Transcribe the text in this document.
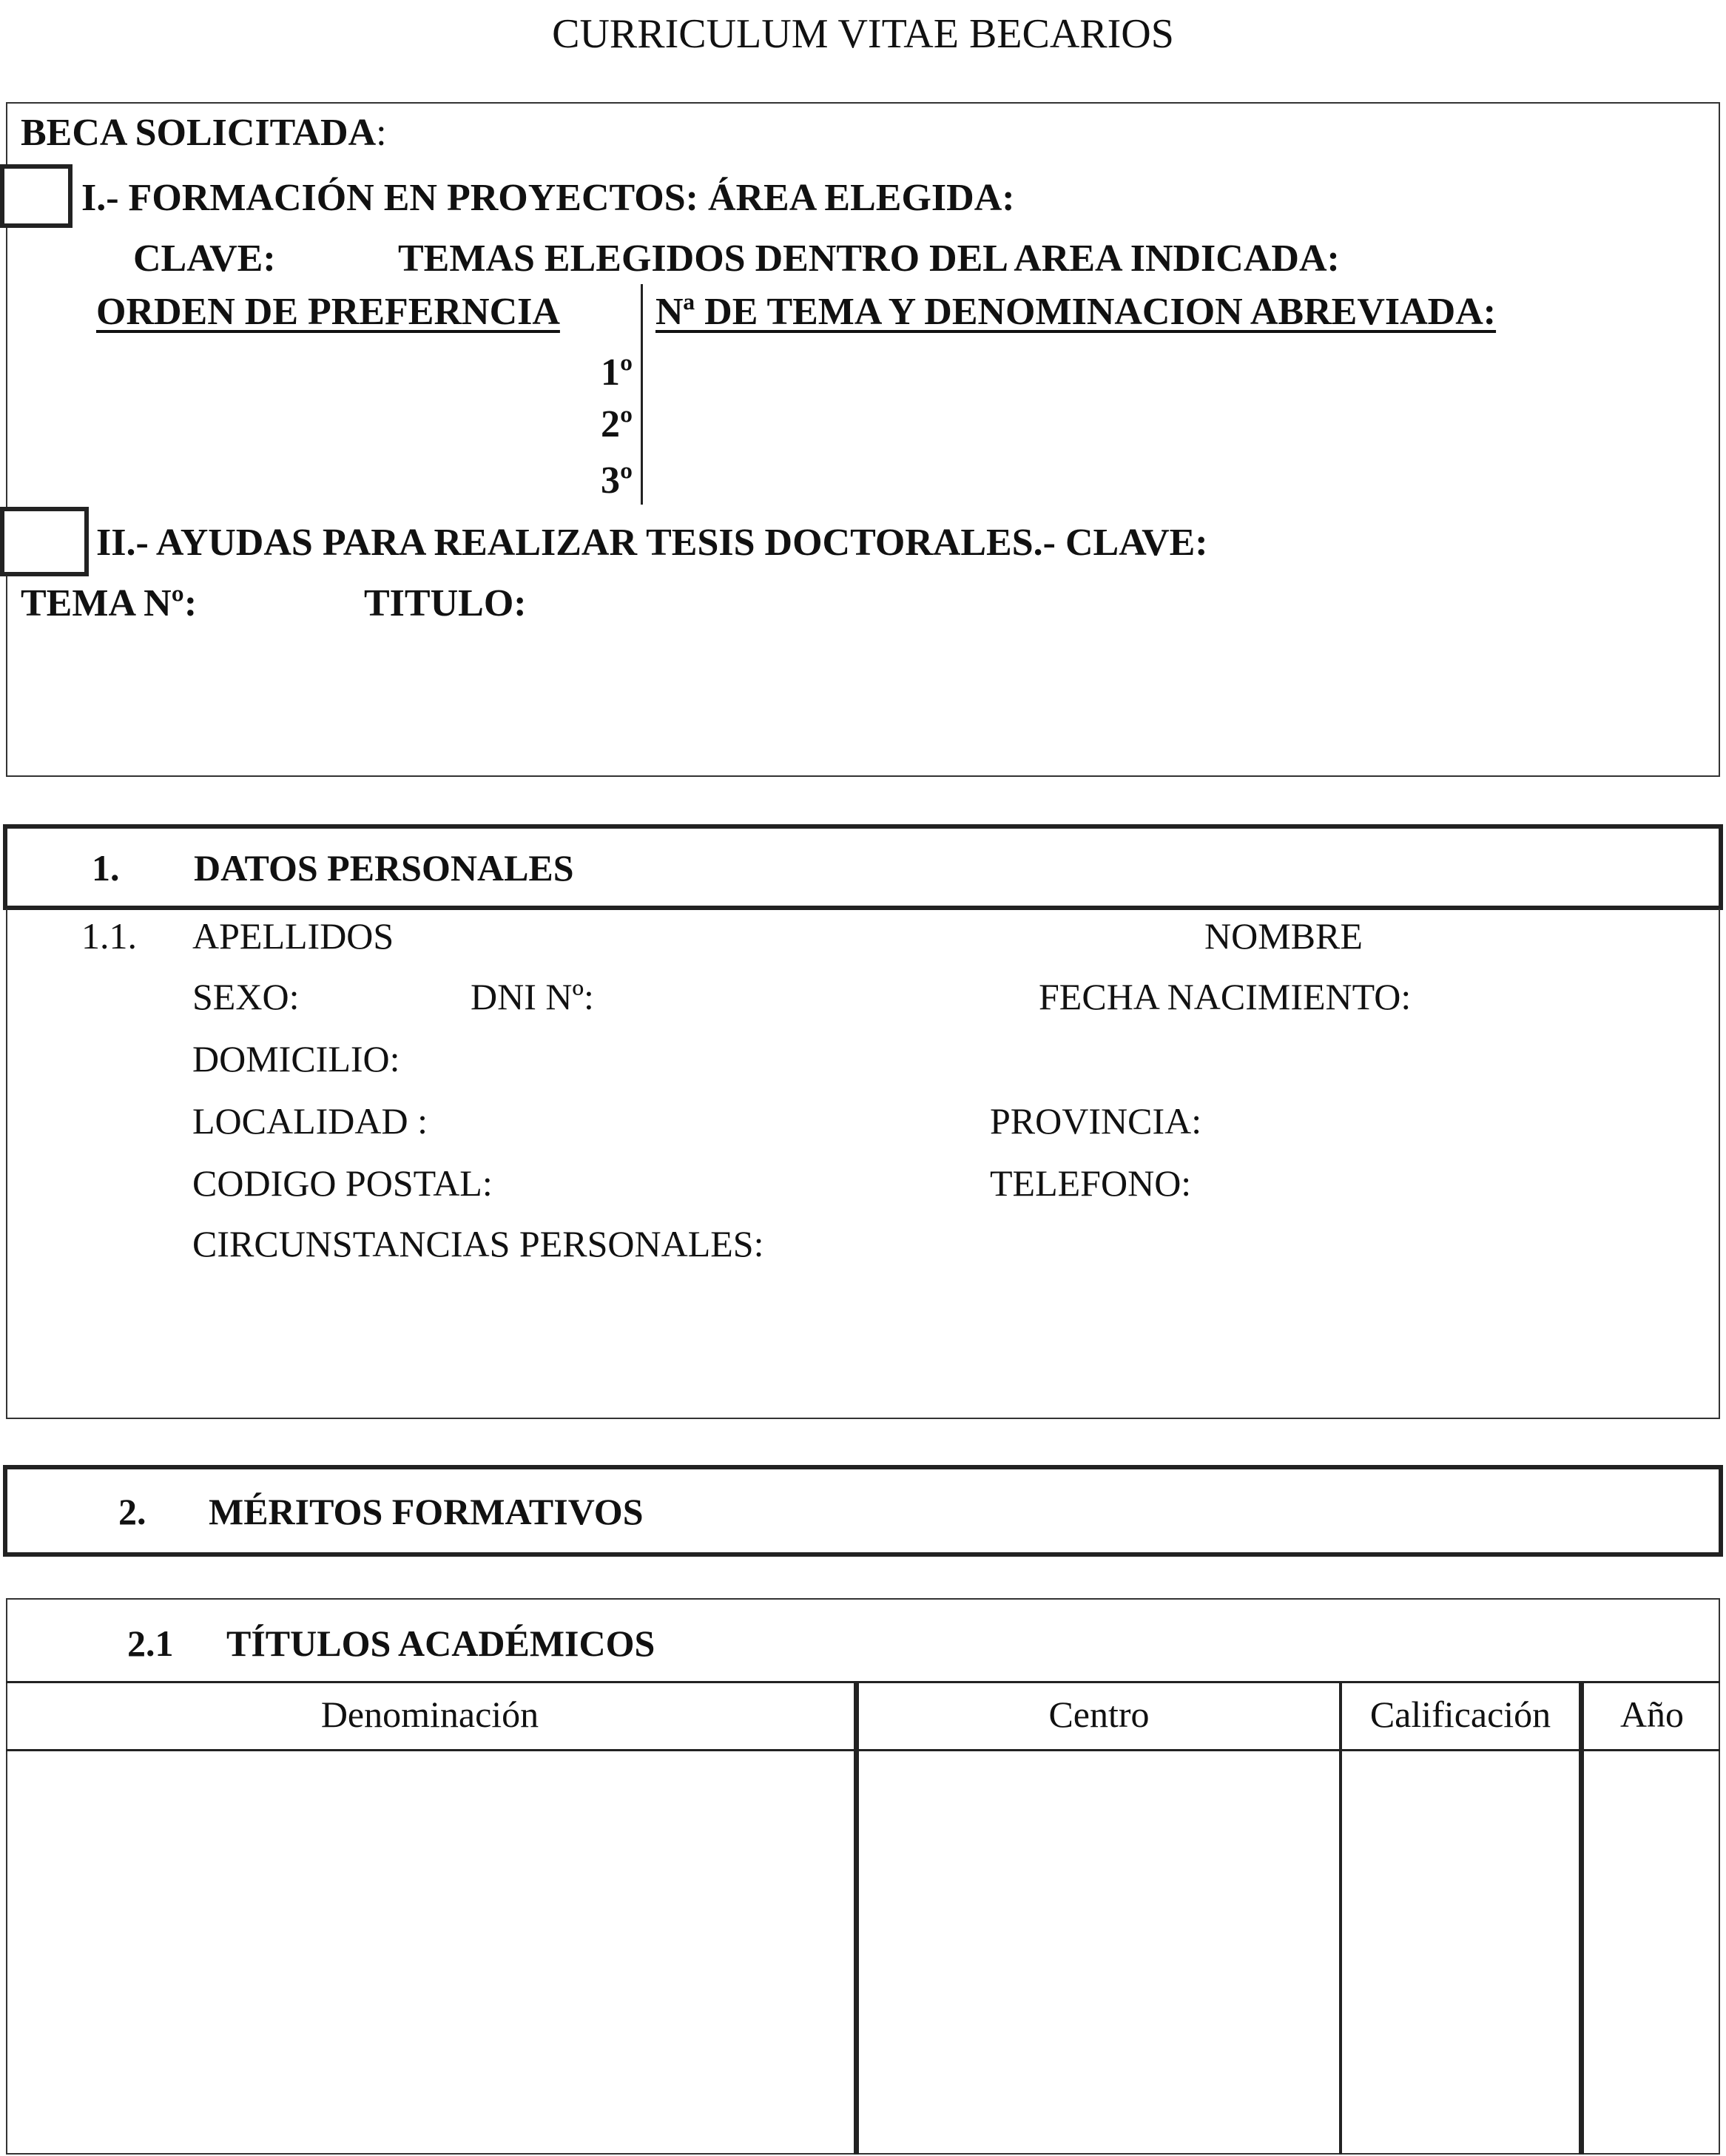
CURRICULUM VITAE BECARIOS
BECA SOLICITADA:
I.- FORMACIÓN EN PROYECTOS: ÁREA ELEGIDA:
CLAVE:	TEMAS ELEGIDOS DENTRO DEL AREA INDICADA:
ORDEN DE PREFERNCIA Nª DE TEMA Y DENOMINACION ABREVIADA:
1º
2º
3º
II.- AYUDAS PARA REALIZAR TESIS DOCTORALES.- CLAVE:
TEMA Nº:	TITULO:
1. DATOS PERSONALES
1.1. APELLIDOS	NOMBRE
SEXO:	DNI Nº:	FECHA NACIMIENTO:
DOMICILIO:
LOCALIDAD :	PROVINCIA:
CODIGO POSTAL:	TELEFONO:
CIRCUNSTANCIAS PERSONALES:
2. MÉRITOS FORMATIVOS
2.1 TÍTULOS ACADÉMICOS
Denominación	Centro	Calificación	Año
